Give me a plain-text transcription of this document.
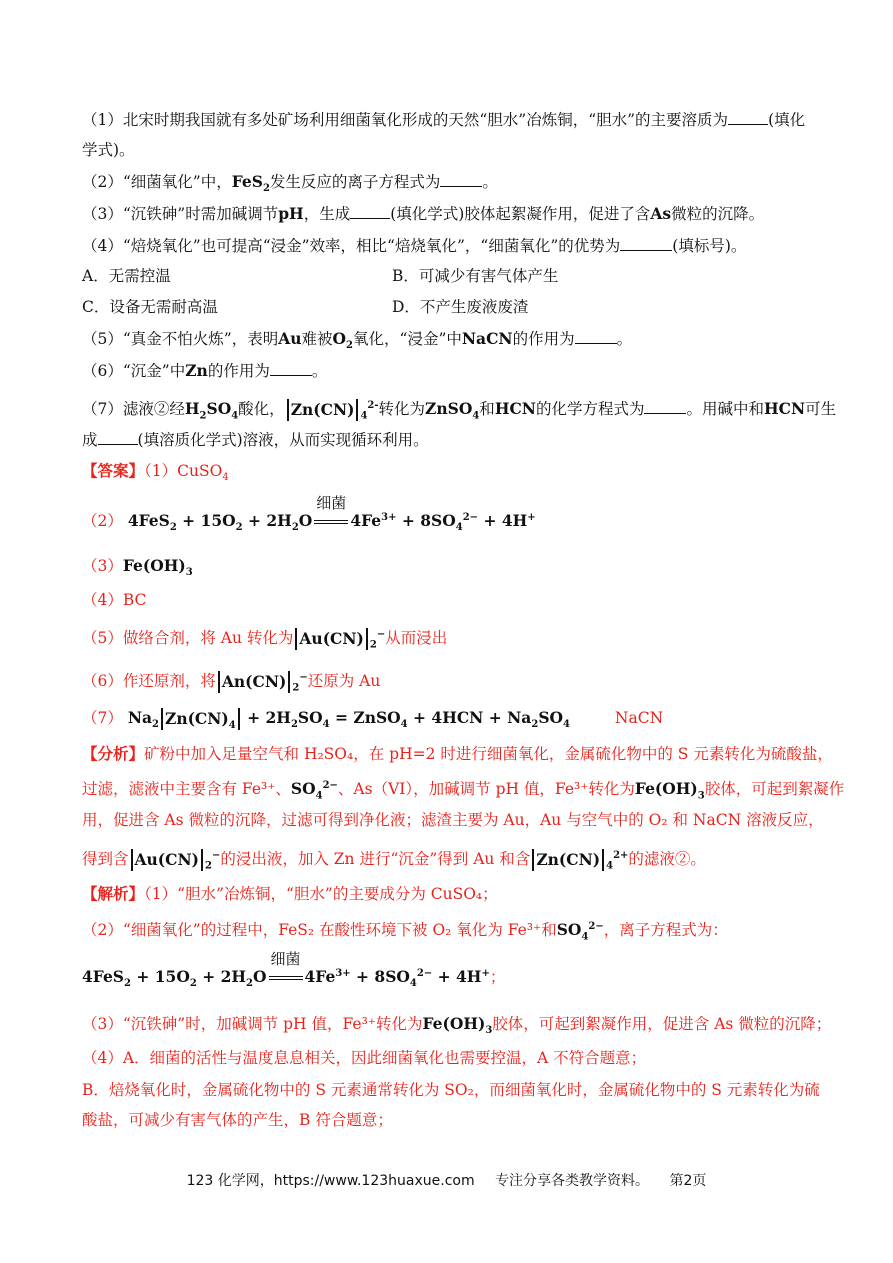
（1）北宋时期我国就有多处矿场利用细菌氧化形成的天然“胆水”冶炼铜，“胆水”的主要溶质为	(填化
学式)。
（2）“细菌氧化”中，FeS$_2$发生反应的离子方程式为	。
（3）“沉铁砷”时需加碱调节pH，生成	(填化学式)胶体起絮凝作用，促进了含As微粒的沉降。
（4）“焙烧氧化”也可提高“浸金”效率，相比“焙烧氧化”，“细菌氧化”的优势为	(填标号)。
A．无需控温	B．可减少有害气体产生
C．设备无需耐高温	D．不产生废液废渣
（5）“真金不怕火炼”，表明Au难被$O_2$氧化，“浸金”中NaCN的作用为	。
（6）“沉金”中Zn的作用为	。
（7）滤液②经$H_2SO_4$酸化， Zn(CN) $_4^{2-}$转化为ZnSO$_4$和HCN的化学方程式为	。用碱中和HCN可生
成	(填溶质化学式)溶液，从而实现循环利用。
【答案】（1）CuSO$_4$
（2） $4FeS_2 + 15O_2 + 2H_2O$
细菌
$4Fe^{3+} + 8SO_4^{2-} + 4H^+$
$(3)Fe(OH)_3$
（4）BC
（5）做络合剂，将 Au 转化为 Au(CN) $_2$−从而浸出
（6）作还原剂，将 An(CN) $_2$−还原为 Au
（7） $Na_2$ $Zn(CN)_4 + 2H_2SO_4$ = ZnSO$_4$ + $4HCN + Na_2SO_4$	NaCN
【分析】矿粉中加入足量空气和 H₂SO₄，在 pH=2 时进行细菌氧化，金属硫化物中的 S 元素转化为硫酸盐，
过滤，滤液中主要含有 Fe³⁺、$SO_4^{2-}$、As（VI），加碱调节 pH 值，Fe³⁺转化为$Fe(OH)_3$胶体，可起到絮凝作
用，促进含 As 微粒的沉降，过滤可得到净化液；滤渣主要为 Au，Au 与空气中的 O₂ 和 NaCN 溶液反应，
得到含 Au(CN) $_2$−的浸出液，加入 Zn 进行“沉金”得到 Au 和含 Zn(CN) $_4^{2+}$的滤液②。
【解析】（1）“胆水”冶炼铜，“胆水”的主要成分为 CuSO₄；
（2）“细菌氧化”的过程中，FeS₂ 在酸性环境下被 O₂ 氧化为 Fe³⁺和$SO_4^{2-}$，离子方程式为：
$4FeS_2 + 15O_2 + 2H_2O$
细菌
$4Fe^{3+} + 8SO_4^{2-} + 4H^+$；
（3）“沉铁砷”时，加碱调节 pH 值，Fe³⁺转化为$Fe(OH)_3$胶体，可起到絮凝作用，促进含 As 微粒的沉降；
（4）A．细菌的活性与温度息息相关，因此细菌氧化也需要控温，A 不符合题意；
B．焙烧氧化时，金属硫化物中的 S 元素通常转化为 SO₂，而细菌氧化时，金属硫化物中的 S 元素转化为硫
酸盐，可减少有害气体的产生，B 符合题意；
123 化学网，https://www.123huaxue.com 专注分享各类教学资料。 第2页
